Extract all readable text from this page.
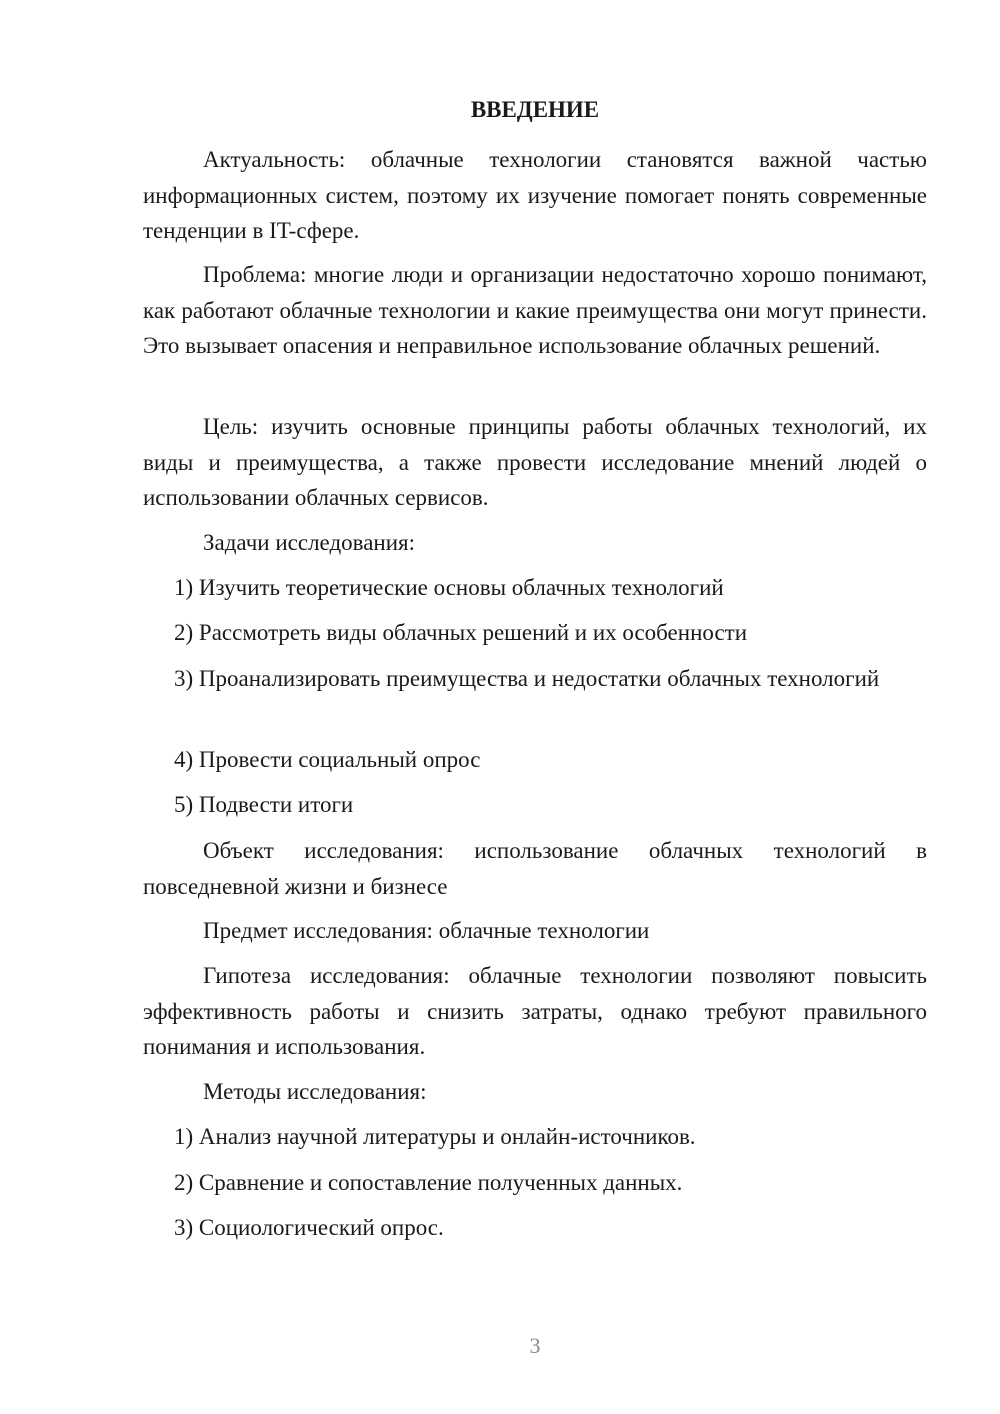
ВВЕДЕНИЕ

Актуальность: облачные технологии становятся важной частью информационных систем, поэтому их изучение помогает понять современные тенденции в IT-сфере.

Проблема: многие люди и организации недостаточно хорошо понимают, как работают облачные технологии и какие преимущества они могут принести. Это вызывает опасения и неправильное использование облачных решений.

Цель: изучить основные принципы работы облачных технологий, их виды и преимущества, а также провести исследование мнений людей о использовании облачных сервисов.

Задачи исследования:

1) Изучить теоретические основы облачных технологий

2) Рассмотреть виды облачных решений и их особенности

3) Проанализировать преимущества и недостатки облачных технологий

4) Провести социальный опрос

5) Подвести итоги

Объект исследования: использование облачных технологий в повседневной жизни и бизнесе

Предмет исследования: облачные технологии

Гипотеза исследования: облачные технологии позволяют повысить эффективность работы и снизить затраты, однако требуют правильного понимания и использования.

Методы исследования:

1) Анализ научной литературы и онлайн-источников.

2) Сравнение и сопоставление полученных данных.

3) Социологический опрос.

3
